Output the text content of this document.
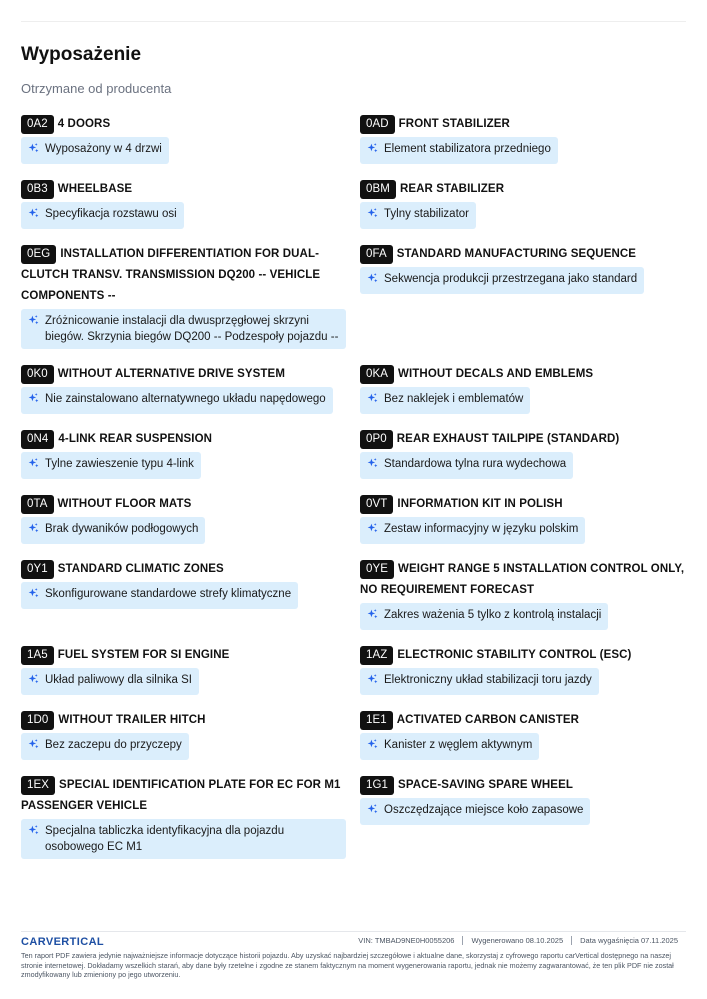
Wyposażenie
Otrzymane od producenta
0A2 4 DOORS
Wyposażony w 4 drzwi
0AD FRONT STABILIZER
Element stabilizatora przedniego
0B3 WHEELBASE
Specyfikacja rozstawu osi
0BM REAR STABILIZER
Tylny stabilizator
0EG INSTALLATION DIFFERENTIATION FOR DUAL-CLUTCH TRANSV. TRANSMISSION DQ200 -- VEHICLE COMPONENTS --
Zróżnicowanie instalacji dla dwusprzęgłowej skrzyni biegów. Skrzynia biegów DQ200 -- Podzespoły pojazdu --
0FA STANDARD MANUFACTURING SEQUENCE
Sekwencja produkcji przestrzegana jako standard
0K0 WITHOUT ALTERNATIVE DRIVE SYSTEM
Nie zainstalowano alternatywnego układu napędowego
0KA WITHOUT DECALS AND EMBLEMS
Bez naklejek i emblematów
0N4 4-LINK REAR SUSPENSION
Tylne zawieszenie typu 4-link
0P0 REAR EXHAUST TAILPIPE (STANDARD)
Standardowa tylna rura wydechowa
0TA WITHOUT FLOOR MATS
Brak dywaników podłogowych
0VT INFORMATION KIT IN POLISH
Zestaw informacyjny w języku polskim
0Y1 STANDARD CLIMATIC ZONES
Skonfigurowane standardowe strefy klimatyczne
0YE WEIGHT RANGE 5 INSTALLATION CONTROL ONLY, NO REQUIREMENT FORECAST
Zakres ważenia 5 tylko z kontrolą instalacji
1A5 FUEL SYSTEM FOR SI ENGINE
Układ paliwowy dla silnika SI
1AZ ELECTRONIC STABILITY CONTROL (ESC)
Elektroniczny układ stabilizacji toru jazdy
1D0 WITHOUT TRAILER HITCH
Bez zaczepu do przyczepy
1E1 ACTIVATED CARBON CANISTER
Kanister z węglem aktywnym
1EX SPECIAL IDENTIFICATION PLATE FOR EC FOR M1 PASSENGER VEHICLE
Specjalna tabliczka identyfikacyjna dla pojazdu osobowego EC M1
1G1 SPACE-SAVING SPARE WHEEL
Oszczędzające miejsce koło zapasowe
CARVERTICAL	VIN: TMBAD9NE0H0055206	Wygenerowano 08.10.2025	Data wygaśnięcia 07.11.2025
Ten raport PDF zawiera jedynie najważniejsze informacje dotyczące historii pojazdu. Aby uzyskać najbardziej szczegółowe i aktualne dane, skorzystaj z cyfrowego raportu carVertical dostępnego na naszej stronie internetowej. Dokładamy wszelkich starań, aby dane były rzetelne i zgodne ze stanem faktycznym na moment wygenerowania raportu, jednak nie możemy zagwarantować, że ten plik PDF nie został zmodyfikowany lub zmieniony po jego utworzeniu.
